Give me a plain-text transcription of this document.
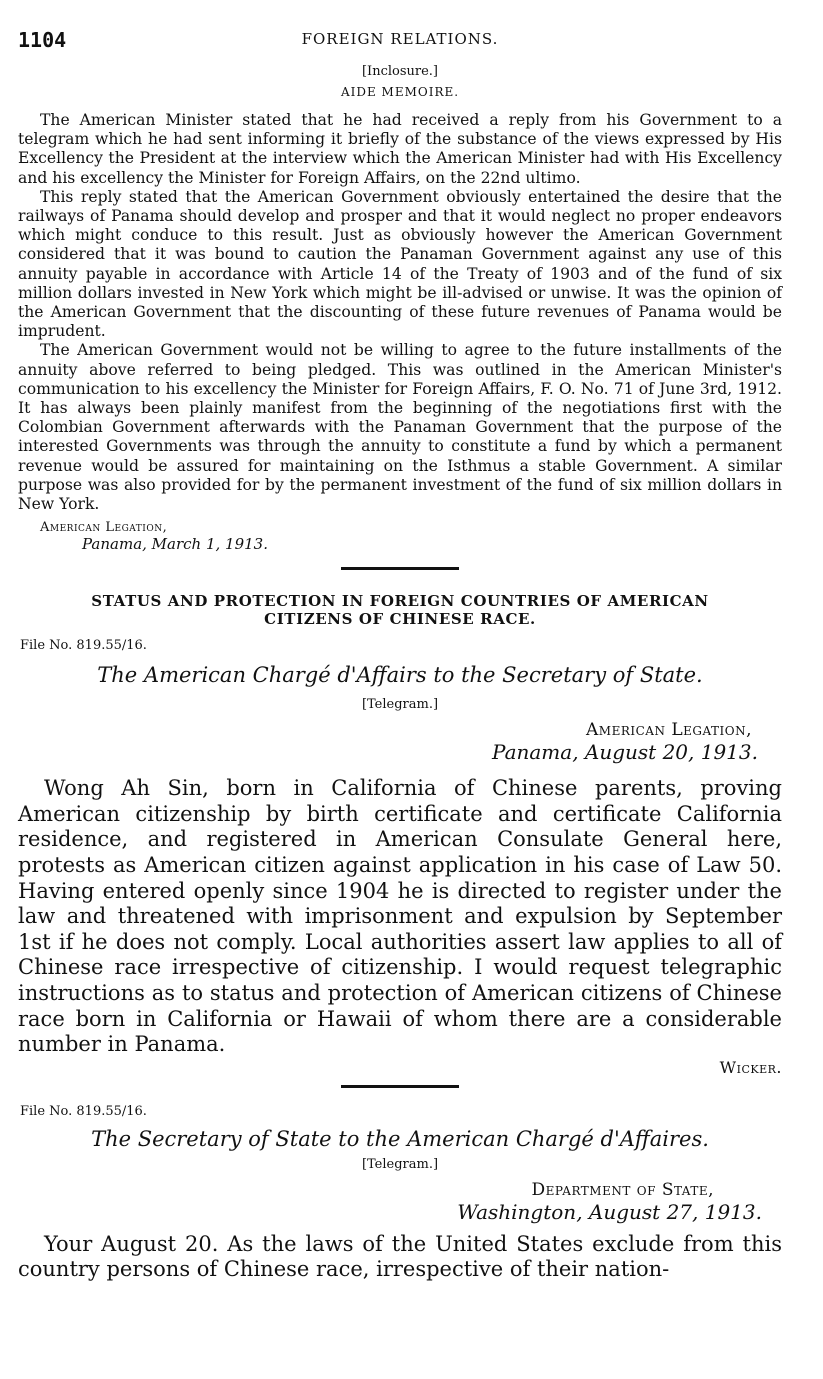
1104	FOREIGN RELATIONS.
[Inclosure.]
AIDE MEMOIRE.

The American Minister stated that he had received a reply from his Government to a telegram which he had sent informing it briefly of the substance of the views expressed by His Excellency the President at the interview which the American Minister had with His Excellency and his excellency the Minister for Foreign Affairs, on the 22nd ultimo.

This reply stated that the American Government obviously entertained the desire that the railways of Panama should develop and prosper and that it would neglect no proper endeavors which might conduce to this result. Just as obviously however the American Government considered that it was bound to caution the Panaman Government against any use of this annuity payable in accordance with Article 14 of the Treaty of 1903 and of the fund of six million dollars invested in New York which might be ill-advised or unwise. It was the opinion of the American Government that the discounting of these future revenues of Panama would be imprudent.

The American Government would not be willing to agree to the future installments of the annuity above referred to being pledged. This was outlined in the American Minister's communication to his excellency the Minister for Foreign Affairs, F. O. No. 71 of June 3rd, 1912. It has always been plainly manifest from the beginning of the negotiations first with the Colombian Government afterwards with the Panaman Government that the purpose of the interested Governments was through the annuity to constitute a fund by which a permanent revenue would be assured for maintaining on the Isthmus a stable Government. A similar purpose was also provided for by the permanent investment of the fund of six million dollars in New York.

American Legation,
Panama, March 1, 1913.
STATUS AND PROTECTION IN FOREIGN COUNTRIES OF AMERICAN
CITIZENS OF CHINESE RACE.
File No. 819.55/16.
The American Chargé d'Affairs to the Secretary of State.
[Telegram.]
American Legation,
Panama, August 20, 1913.
Wong Ah Sin, born in California of Chinese parents, proving American citizenship by birth certificate and certificate California residence, and registered in American Consulate General here, protests as American citizen against application in his case of Law 50. Having entered openly since 1904 he is directed to register under the law and threatened with imprisonment and expulsion by September 1st if he does not comply. Local authorities assert law applies to all of Chinese race irrespective of citizenship. I would request telegraphic instructions as to status and protection of American citizens of Chinese race born in California or Hawaii of whom there are a considerable number in Panama.
Wicker.
File No. 819.55/16.
The Secretary of State to the American Chargé d'Affaires.
[Telegram.]
Department of State,
Washington, August 27, 1913.
Your August 20. As the laws of the United States exclude from this country persons of Chinese race, irrespective of their nation-
